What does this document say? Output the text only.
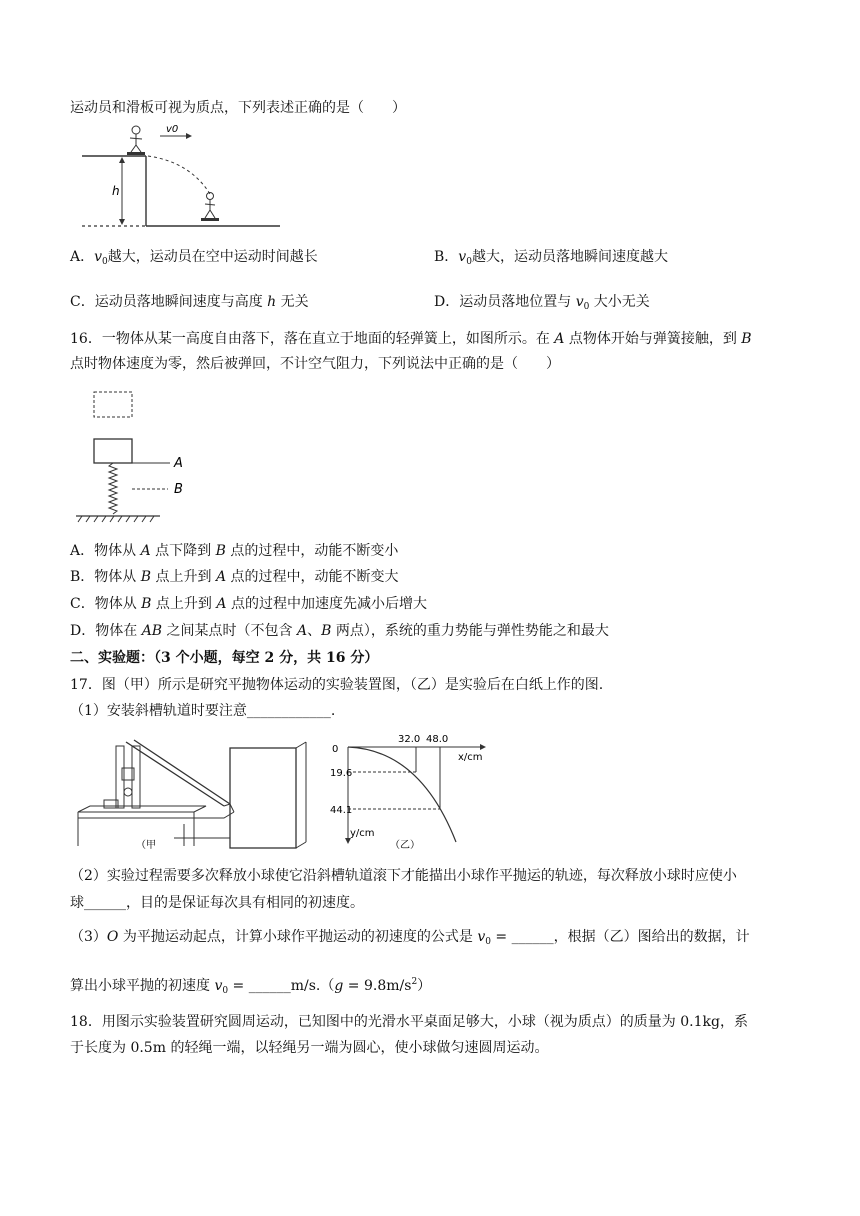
运动员和滑板可视为质点，下列表述正确的是（　　）
h
v0
A．$v_0$越大，运动员在空中运动时间越长	B．$v_0$越大，运动员落地瞬间速度越大
C．运动员落地瞬间速度与高度 h 无关	D．运动员落地位置与 $v_0$ 大小无关
16．一物体从某一高度自由落下，落在直立于地面的轻弹簧上，如图所示。在 A 点物体开始与弹簧接触，到 B
点时物体速度为零，然后被弹回，不计空气阻力，下列说法中正确的是（　　）
A
B
A．物体从 A 点下降到 B 点的过程中，动能不断变小
B．物体从 B 点上升到 A 点的过程中，动能不断变大
C．物体从 B 点上升到 A 点的过程中加速度先减小后增大
D．物体在 AB 之间某点时（不包含 A、B 两点），系统的重力势能与弹性势能之和最大
二、实验题：（3 个小题，每空 2 分，共 16 分）
17．图（甲）所示是研究平抛物体运动的实验装置图，（乙）是实验后在白纸上作的图.
（1）安装斜槽轨道时要注意____________.
（甲
0
x/cm
32.0 48.0
y/cm
19.6
44.1
（乙）
（2）实验过程需要多次释放小球使它沿斜槽轨道滚下才能描出小球作平抛运的轨迹，每次释放小球时应使小
球______，目的是保证每次具有相同的初速度。
（3）O 为平抛运动起点，计算小球作平抛运动的初速度的公式是 $v_0$ = ______，根据（乙）图给出的数据，计
算出小球平抛的初速度 $v_0$ = ______m/s.（g = $9.8m/s^2$）
18．用图示实验装置研究圆周运动，已知图中的光滑水平桌面足够大，小球（视为质点）的质量为 0.1kg，系
于长度为 0.5m 的轻绳一端，以轻绳另一端为圆心，使小球做匀速圆周运动。
